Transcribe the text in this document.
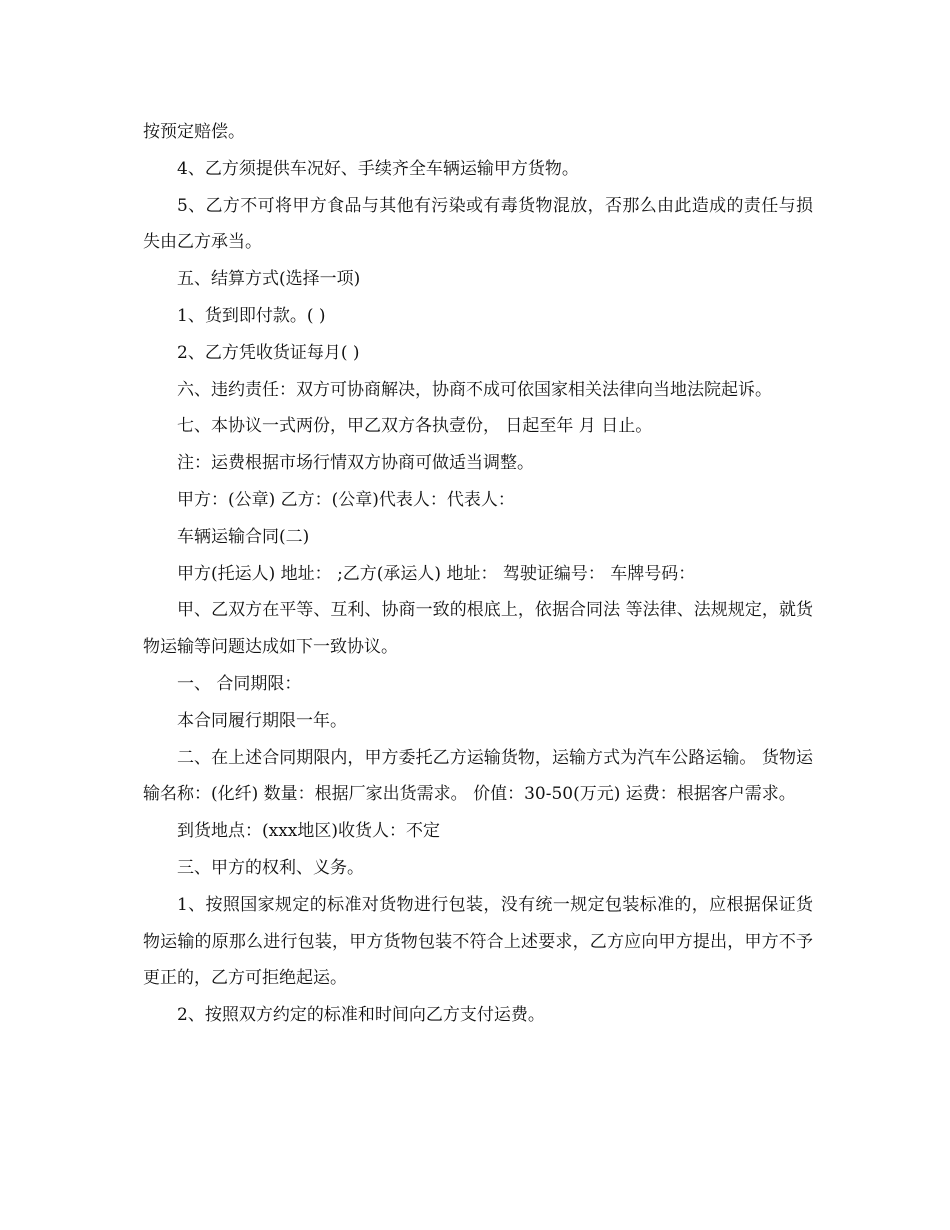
按预定赔偿。

4、乙方须提供车况好、手续齐全车辆运输甲方货物。

5、乙方不可将甲方食品与其他有污染或有毒货物混放，否那么由此造成的责任与损失由乙方承当。

五、结算方式(选择一项)

1、货到即付款。( )

2、乙方凭收货证每月( )

六、违约责任：双方可协商解决，协商不成可依国家相关法律向当地法院起诉。

七、本协议一式两份，甲乙双方各执壹份， 日起至年 月 日止。

注：运费根据市场行情双方协商可做适当调整。

甲方：(公章) 乙方：(公章)代表人：代表人：

车辆运输合同(二)

甲方(托运人) 地址： ;乙方(承运人) 地址： 驾驶证编号： 车牌号码：

甲、乙双方在平等、互利、协商一致的根底上，依据合同法 等法律、法规规定，就货物运输等问题达成如下一致协议。

一、 合同期限：

本合同履行期限一年。

二、在上述合同期限内，甲方委托乙方运输货物，运输方式为汽车公路运输。 货物运输名称：(化纤) 数量：根据厂家出货需求。 价值：30-50(万元) 运费：根据客户需求。

到货地点：(xxx地区)收货人：不定

三、甲方的权利、义务。

1、按照国家规定的标准对货物进行包装，没有统一规定包装标准的，应根据保证货物运输的原那么进行包装，甲方货物包装不符合上述要求，乙方应向甲方提出，甲方不予更正的，乙方可拒绝起运。

2、按照双方约定的标准和时间向乙方支付运费。
